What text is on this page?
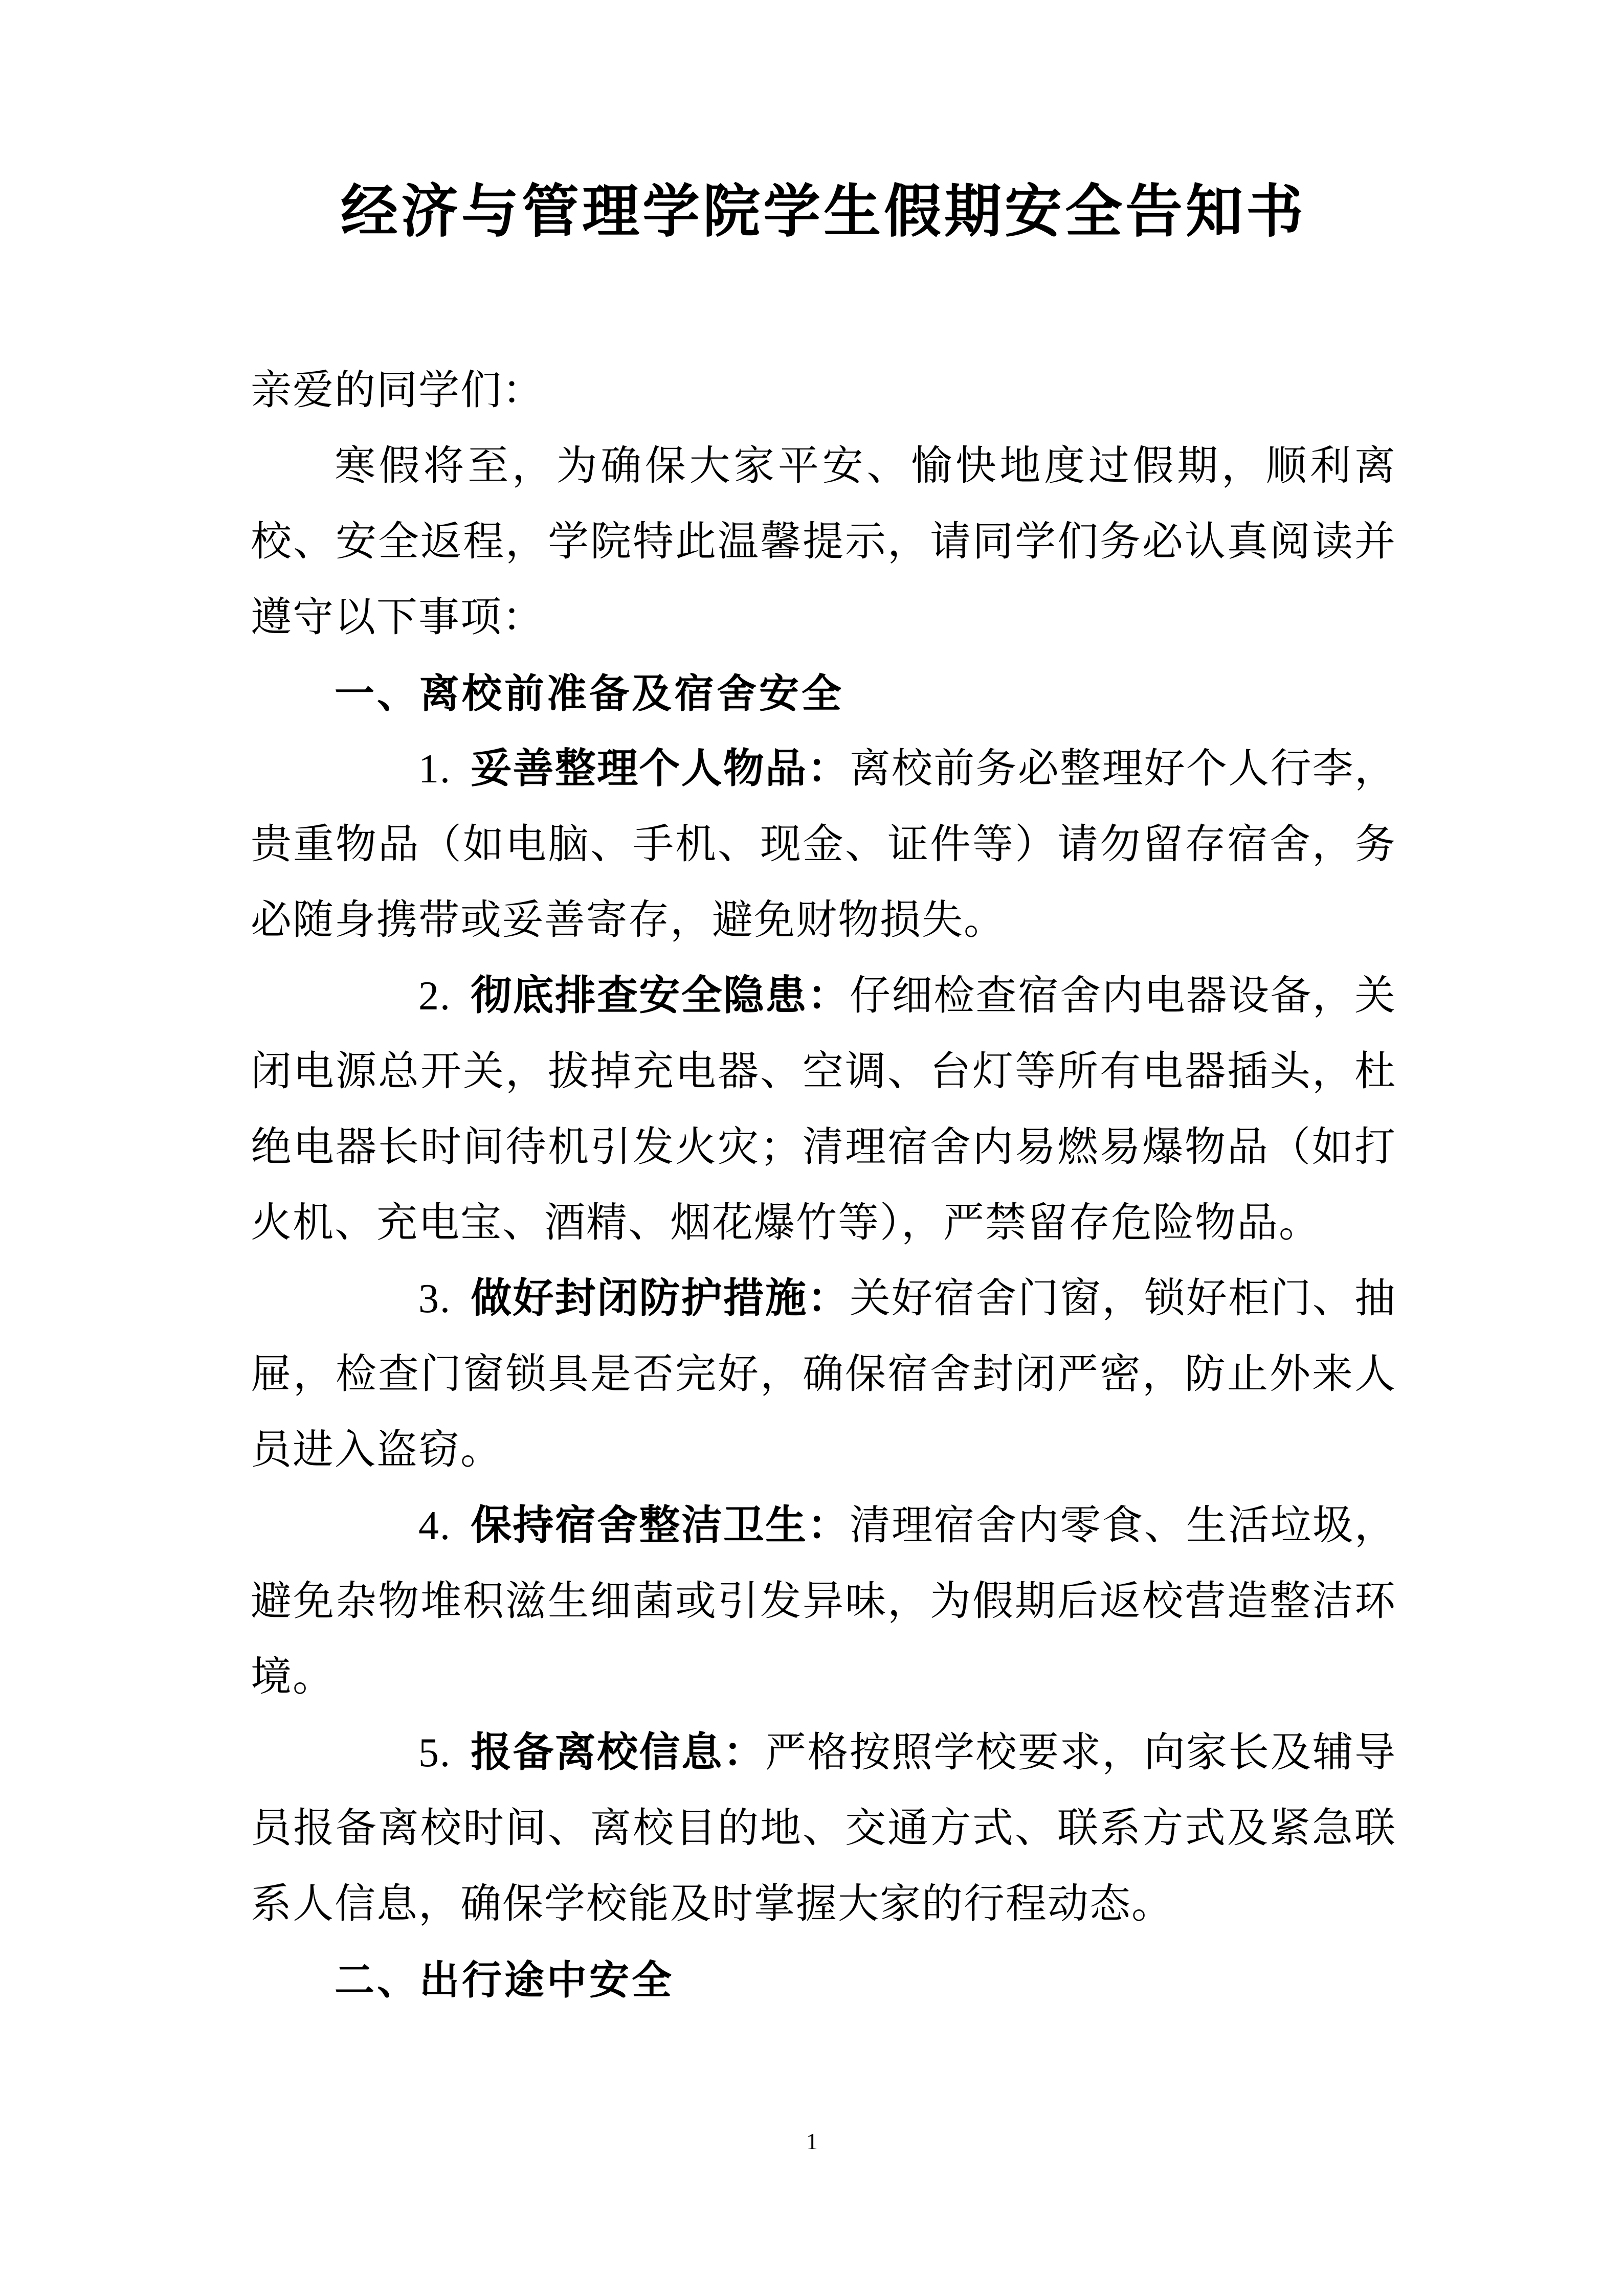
经济与管理学院学生假期安全告知书

亲爱的同学们：

寒假将至，为确保大家平安、愉快地度过假期，顺利离校、安全返程，学院特此温馨提示，请同学们务必认真阅读并遵守以下事项：

一、离校前准备及宿舍安全

1. 妥善整理个人物品：离校前务必整理好个人行李，贵重物品（如电脑、手机、现金、证件等）请勿留存宿舍，务必随身携带或妥善寄存，避免财物损失。

2. 彻底排查安全隐患：仔细检查宿舍内电器设备，关闭电源总开关，拔掉充电器、空调、台灯等所有电器插头，杜绝电器长时间待机引发火灾；清理宿舍内易燃易爆物品（如打火机、充电宝、酒精、烟花爆竹等），严禁留存危险物品。

3. 做好封闭防护措施：关好宿舍门窗，锁好柜门、抽屉，检查门窗锁具是否完好，确保宿舍封闭严密，防止外来人员进入盗窃。

4. 保持宿舍整洁卫生：清理宿舍内零食、生活垃圾，避免杂物堆积滋生细菌或引发异味，为假期后返校营造整洁环境。

5. 报备离校信息：严格按照学校要求，向家长及辅导员报备离校时间、离校目的地、交通方式、联系方式及紧急联系人信息，确保学校能及时掌握大家的行程动态。

二、出行途中安全

1
